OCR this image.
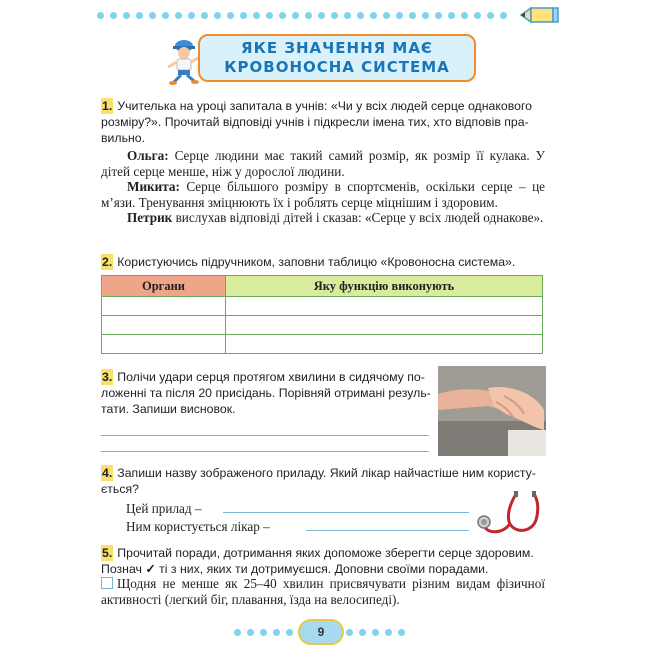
ЯКЕ ЗНАЧЕННЯ МАЄ
КРОВОНОСНА СИСТЕМА
1. Учителька на уроці запитала в учнів: «Чи у всіх людей серце однакового
розміру?». Прочитай відповіді учнів і підкресли імена тих, хто відповів пра-
вильно.

Ольга: Серце людини має такий самий розмір, як розмір її кулака. У дітей серце менше, ніж у дорослої людини.

Микита: Серце більшого розміру в спортсменів, оскільки серце – це м’язи. Тренування зміцнюють їх і роблять серце міцнішим і здоровим.

Петрик вислухав відповіді дітей і сказав: «Серце у всіх людей однакове».

2. Користуючись підручником, заповни таблицю «Кровоносна система».
Органи	Яку функцію виконують

3. Полічи удари серця протягом хвилини в сидячому по-
ложенні та після 20 присідань. Порівняй отримані резуль-
тати. Запиши висновок.
4. Запиши назву зображеного приладу. Який лікар найчастіше ним користу-
ється?
Цей прилад –
Ним користується лікар –
5. Прочитай поради, дотримання яких допоможе зберегти серце здоровим.
Познач ✓ ті з них, яких ти дотримуєшся. Доповни своїми порадами.
Щодня не менше як 25–40 хвилин присвячувати різним видам фізичної активності (легкий біг, плавання, їзда на велосипеді).
9
